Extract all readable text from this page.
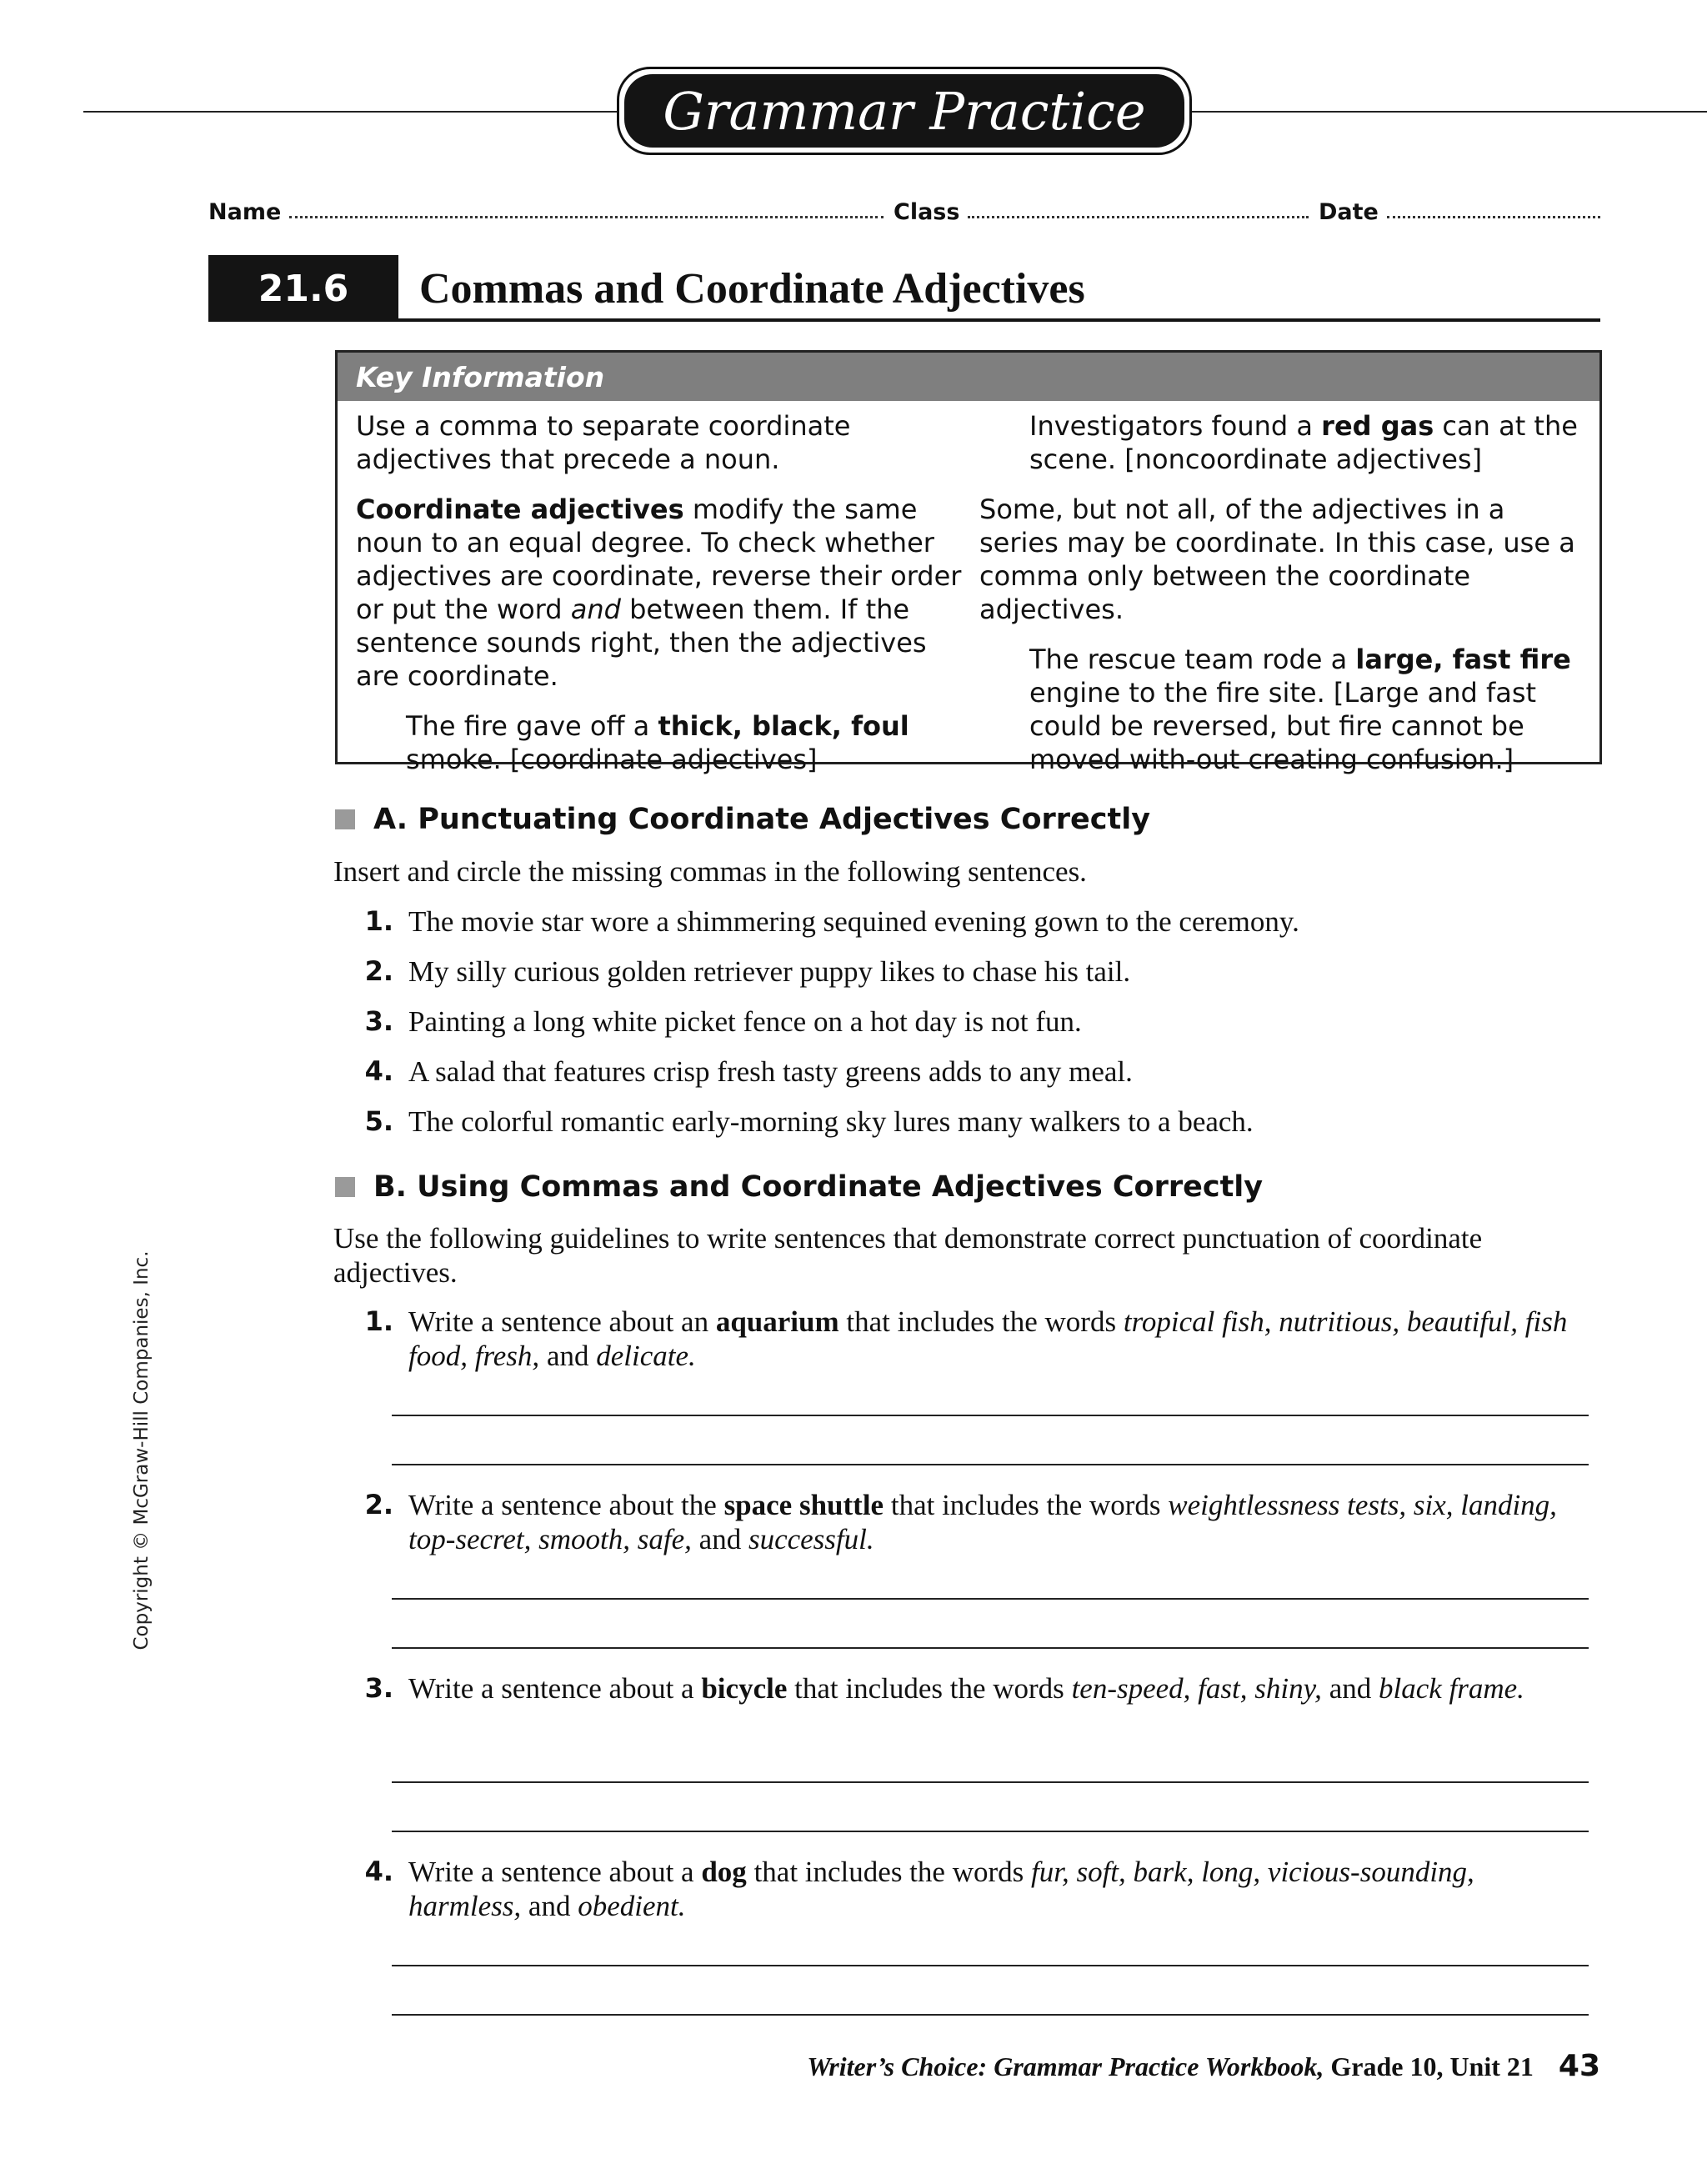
Grammar Practice
Name	Class	Date
21.6	Commas and Coordinate Adjectives
Key Information

Use a comma to separate coordinate adjectives that precede a noun.

Coordinate adjectives modify the same noun to an equal degree. To check whether adjectives are coordinate, reverse their order or put the word and between them. If the sentence sounds right, then the adjectives are coordinate.

The fire gave off a thick, black, foul smoke. [coordinate adjectives]

Investigators found a red gas can at the scene. [noncoordinate adjectives]

Some, but not all, of the adjectives in a series may be coordinate. In this case, use a comma only between the coordinate adjectives.

The rescue team rode a large, fast fire engine to the fire site. [Large and fast could be reversed, but fire cannot be moved with-out creating confusion.]

A. Punctuating Coordinate Adjectives Correctly
Insert and circle the missing commas in the following sentences.
1. The movie star wore a shimmering sequined evening gown to the ceremony.
2. My silly curious golden retriever puppy likes to chase his tail.
3. Painting a long white picket fence on a hot day is not fun.
4. A salad that features crisp fresh tasty greens adds to any meal.
5. The colorful romantic early-morning sky lures many walkers to a beach.
B. Using Commas and Coordinate Adjectives Correctly
Use the following guidelines to write sentences that demonstrate correct punctuation of coordinate adjectives.
1. Write a sentence about an aquarium that includes the words tropical fish, nutritious, beautiful, fish food, fresh, and delicate.
2. Write a sentence about the space shuttle that includes the words weightlessness tests, six, landing, top-secret, smooth, safe, and successful.
3. Write a sentence about a bicycle that includes the words ten-speed, fast, shiny, and black frame.
4. Write a sentence about a dog that includes the words fur, soft, bark, long, vicious-sounding, harmless, and obedient.
Copyright © McGraw-Hill Companies, Inc.
Writer’s Choice: Grammar Practice Workbook, Grade 10, Unit 21 43
